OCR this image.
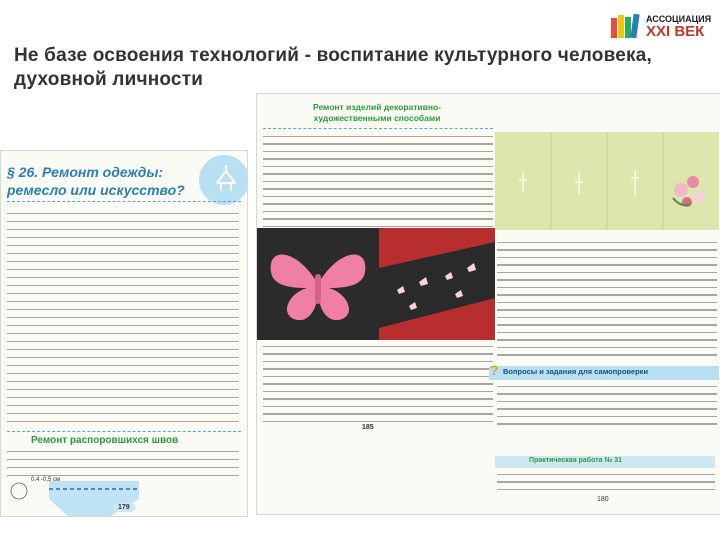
Не базе освоения технологий - воспитание культурного человека, духовной личности
АССОЦИАЦИЯ
XXI ВЕК
§ 26. Ремонт одежды: ремесло или искусство?
Ремонт распоровшихся швов
0,4 -0,5 см
179
Ремонт изделий декоративно-художественными способами
185
Вопросы и задания для самопроверки
?
Практическая работа № 31
180
